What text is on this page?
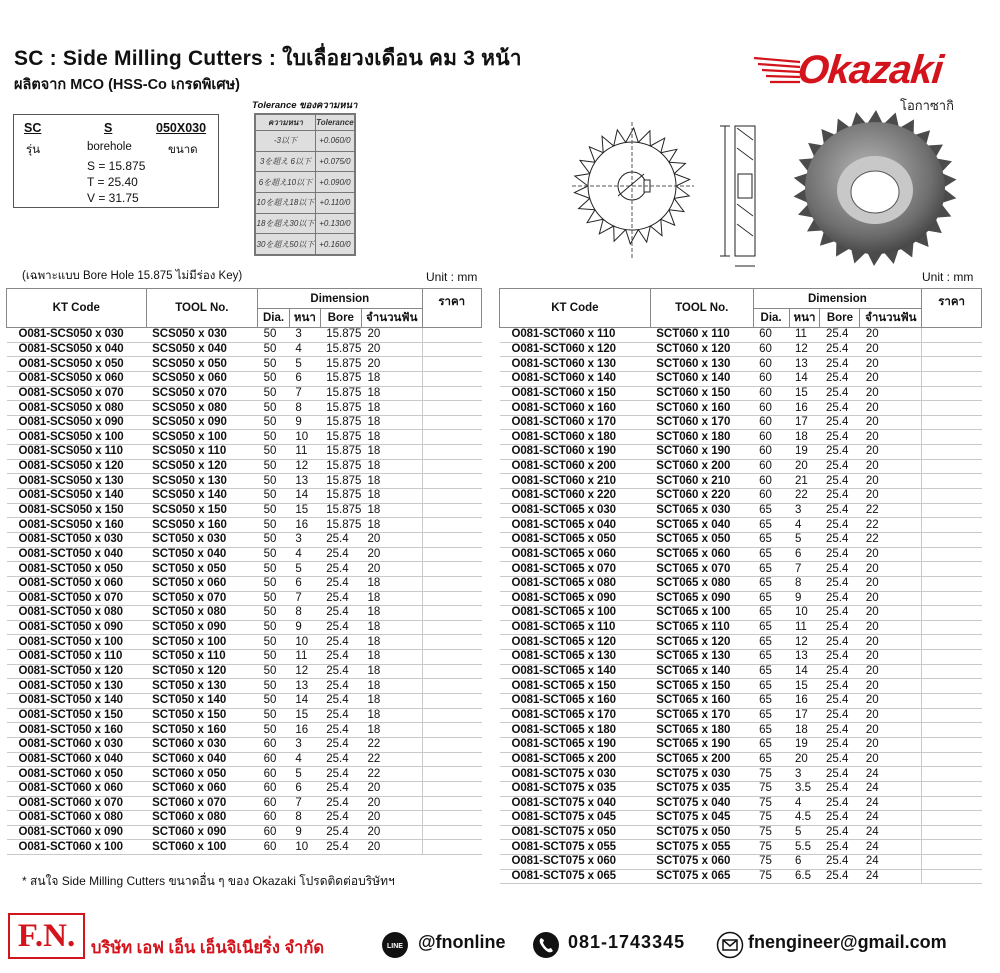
SC : Side Milling Cutters : ใบเลื่อยวงเดือน คม 3 หน้า
ผลิตจาก MCO (HSS-Co เกรดพิเศษ)	Okazaki
โอกาซากิ
SC	S	050X030
รุ่น	borehole	ขนาด
S = 15.875
T = 25.40
V = 31.75
Tolerance ของความหนา
ความหนา	Tolerance
-3以下	+0.060/0
3を超え 6以下	+0.075/0
6を超え10以下	+0.090/0
10を超え18以下	+0.110/0
18を超え30以下	+0.130/0
30を超え50以下	+0.160/0
(เฉพาะแบบ Bore Hole 15.875 ไม่มีร่อง Key)	Unit : mm	Unit : mm
KT Code	TOOL No.	Dimension				ราคา
		Dia.	หนา	Bore	จำนวนฟัน	
O081-SCS050 x 030	SCS050 x 030	50	3	15.875	20	
O081-SCS050 x 040	SCS050 x 040	50	4	15.875	20	
O081-SCS050 x 050	SCS050 x 050	50	5	15.875	20	
O081-SCS050 x 060	SCS050 x 060	50	6	15.875	18	
O081-SCS050 x 070	SCS050 x 070	50	7	15.875	18	
O081-SCS050 x 080	SCS050 x 080	50	8	15.875	18	
O081-SCS050 x 090	SCS050 x 090	50	9	15.875	18	
O081-SCS050 x 100	SCS050 x 100	50	10	15.875	18	
O081-SCS050 x 110	SCS050 x 110	50	11	15.875	18	
O081-SCS050 x 120	SCS050 x 120	50	12	15.875	18	
O081-SCS050 x 130	SCS050 x 130	50	13	15.875	18	
O081-SCS050 x 140	SCS050 x 140	50	14	15.875	18	
O081-SCS050 x 150	SCS050 x 150	50	15	15.875	18	
O081-SCS050 x 160	SCS050 x 160	50	16	15.875	18	
O081-SCT050 x 030	SCT050 x 030	50	3	25.4	20	
O081-SCT050 x 040	SCT050 x 040	50	4	25.4	20	
O081-SCT050 x 050	SCT050 x 050	50	5	25.4	20	
O081-SCT050 x 060	SCT050 x 060	50	6	25.4	18	
O081-SCT050 x 070	SCT050 x 070	50	7	25.4	18	
O081-SCT050 x 080	SCT050 x 080	50	8	25.4	18	
O081-SCT050 x 090	SCT050 x 090	50	9	25.4	18	
O081-SCT050 x 100	SCT050 x 100	50	10	25.4	18	
O081-SCT050 x 110	SCT050 x 110	50	11	25.4	18	
O081-SCT050 x 120	SCT050 x 120	50	12	25.4	18	
O081-SCT050 x 130	SCT050 x 130	50	13	25.4	18	
O081-SCT050 x 140	SCT050 x 140	50	14	25.4	18	
O081-SCT050 x 150	SCT050 x 150	50	15	25.4	18	
O081-SCT050 x 160	SCT050 x 160	50	16	25.4	18	
O081-SCT060 x 030	SCT060 x 030	60	3	25.4	22	
O081-SCT060 x 040	SCT060 x 040	60	4	25.4	22	
O081-SCT060 x 050	SCT060 x 050	60	5	25.4	22	
O081-SCT060 x 060	SCT060 x 060	60	6	25.4	20	
O081-SCT060 x 070	SCT060 x 070	60	7	25.4	20	
O081-SCT060 x 080	SCT060 x 080	60	8	25.4	20	
O081-SCT060 x 090	SCT060 x 090	60	9	25.4	20	
O081-SCT060 x 100	SCT060 x 100	60	10	25.4	20	
KT Code	TOOL No.	Dimension				ราคา
		Dia.	หนา	Bore	จำนวนฟัน	
O081-SCT060 x 110	SCT060 x 110	60	11	25.4	20	
O081-SCT060 x 120	SCT060 x 120	60	12	25.4	20	
O081-SCT060 x 130	SCT060 x 130	60	13	25.4	20	
O081-SCT060 x 140	SCT060 x 140	60	14	25.4	20	
O081-SCT060 x 150	SCT060 x 150	60	15	25.4	20	
O081-SCT060 x 160	SCT060 x 160	60	16	25.4	20	
O081-SCT060 x 170	SCT060 x 170	60	17	25.4	20	
O081-SCT060 x 180	SCT060 x 180	60	18	25.4	20	
O081-SCT060 x 190	SCT060 x 190	60	19	25.4	20	
O081-SCT060 x 200	SCT060 x 200	60	20	25.4	20	
O081-SCT060 x 210	SCT060 x 210	60	21	25.4	20	
O081-SCT060 x 220	SCT060 x 220	60	22	25.4	20	
O081-SCT065 x 030	SCT065 x 030	65	3	25.4	22	
O081-SCT065 x 040	SCT065 x 040	65	4	25.4	22	
O081-SCT065 x 050	SCT065 x 050	65	5	25.4	22	
O081-SCT065 x 060	SCT065 x 060	65	6	25.4	20	
O081-SCT065 x 070	SCT065 x 070	65	7	25.4	20	
O081-SCT065 x 080	SCT065 x 080	65	8	25.4	20	
O081-SCT065 x 090	SCT065 x 090	65	9	25.4	20	
O081-SCT065 x 100	SCT065 x 100	65	10	25.4	20	
O081-SCT065 x 110	SCT065 x 110	65	11	25.4	20	
O081-SCT065 x 120	SCT065 x 120	65	12	25.4	20	
O081-SCT065 x 130	SCT065 x 130	65	13	25.4	20	
O081-SCT065 x 140	SCT065 x 140	65	14	25.4	20	
O081-SCT065 x 150	SCT065 x 150	65	15	25.4	20	
O081-SCT065 x 160	SCT065 x 160	65	16	25.4	20	
O081-SCT065 x 170	SCT065 x 170	65	17	25.4	20	
O081-SCT065 x 180	SCT065 x 180	65	18	25.4	20	
O081-SCT065 x 190	SCT065 x 190	65	19	25.4	20	
O081-SCT065 x 200	SCT065 x 200	65	20	25.4	20	
O081-SCT075 x 030	SCT075 x 030	75	3	25.4	24	
O081-SCT075 x 035	SCT075 x 035	75	3.5	25.4	24	
O081-SCT075 x 040	SCT075 x 040	75	4	25.4	24	
O081-SCT075 x 045	SCT075 x 045	75	4.5	25.4	24	
O081-SCT075 x 050	SCT075 x 050	75	5	25.4	24	
O081-SCT075 x 055	SCT075 x 055	75	5.5	25.4	24	
O081-SCT075 x 060	SCT075 x 060	75	6	25.4	24	
O081-SCT075 x 065	SCT075 x 065	75	6.5	25.4	24	
* สนใจ Side Milling Cutters ขนาดอื่น ๆ ของ Okazaki โปรดติดต่อบริษัทฯ
F.N. บริษัท เอฟ เอ็น เอ็นจิเนียริ่ง จำกัด	LINE @fnonline	081-1743345	fnengineer@gmail.com
